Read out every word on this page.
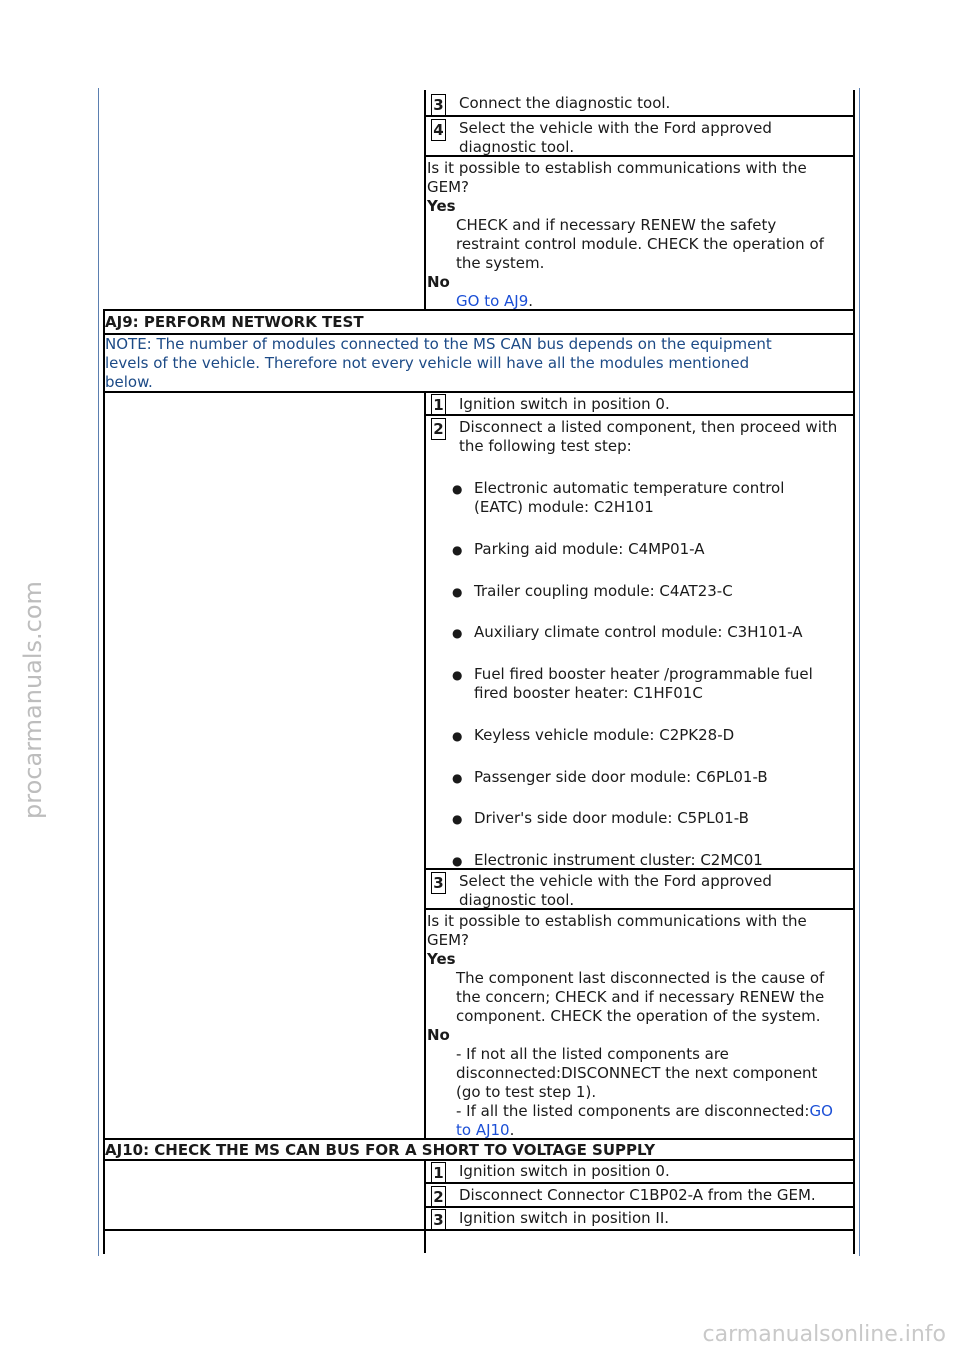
3 Connect the diagnostic tool.
4 Select the vehicle with the Ford approved
diagnostic tool.
Is it possible to establish communications with the
GEM?
Yes
CHECK and if necessary RENEW the safety
restraint control module. CHECK the operation of
the system.
No
GO to AJ9.
AJ9: PERFORM NETWORK TEST
NOTE: The number of modules connected to the MS CAN bus depends on the equipment
levels of the vehicle. Therefore not every vehicle will have all the modules mentioned
below.
1 Ignition switch in position 0.
2 Disconnect a listed component, then proceed with
the following test step:
● Electronic automatic temperature control
(EATC) module: C2H101
● Parking aid module: C4MP01-A
● Trailer coupling module: C4AT23-C
● Auxiliary climate control module: C3H101-A
● Fuel fired booster heater /programmable fuel
fired booster heater: C1HF01C
● Keyless vehicle module: C2PK28-D
● Passenger side door module: C6PL01-B
● Driver's side door module: C5PL01-B
● Electronic instrument cluster: C2MC01
3 Select the vehicle with the Ford approved
diagnostic tool.
Is it possible to establish communications with the
GEM?
Yes
The component last disconnected is the cause of
the concern; CHECK and if necessary RENEW the
component. CHECK the operation of the system.
No
- If not all the listed components are
disconnected:DISCONNECT the next component
(go to test step 1).
- If all the listed components are disconnected:GO
to AJ10.
AJ10: CHECK THE MS CAN BUS FOR A SHORT TO VOLTAGE SUPPLY
1 Ignition switch in position 0.
2 Disconnect Connector C1BP02-A from the GEM.
3 Ignition switch in position II.
procarmanuals.com
carmanualsonline.info
